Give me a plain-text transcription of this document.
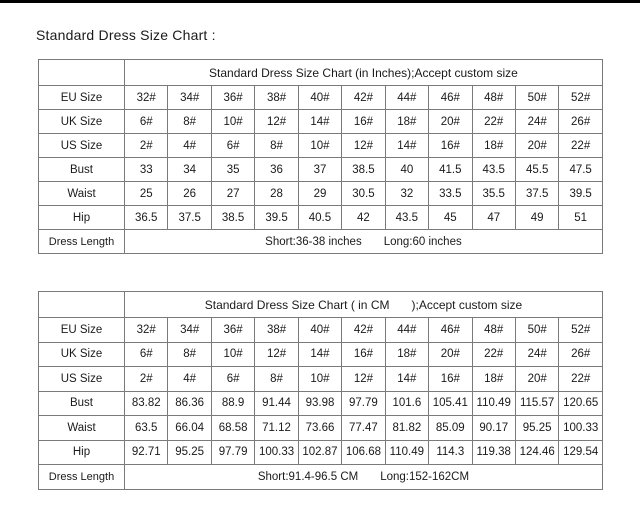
Standard Dress Size Chart :
	Standard Dress Size Chart (in Inches);Accept custom size										
EU Size	32#	34#	36#	38#	40#	42#	44#	46#	48#	50#	52#
UK Size	6#	8#	10#	12#	14#	16#	18#	20#	22#	24#	26#
US Size	2#	4#	6#	8#	10#	12#	14#	16#	18#	20#	22#
Bust	33	34	35	36	37	38.5	40	41.5	43.5	45.5	47.5
Waist	25	26	27	28	29	30.5	32	33.5	35.5	37.5	39.5
Hip	36.5	37.5	38.5	39.5	40.5	42	43.5	45	47	49	51
Dress Length	Short:36-38 inches Long:60 inches										
	Standard Dress Size Chart ( in CM );Accept custom size										
EU Size	32#	34#	36#	38#	40#	42#	44#	46#	48#	50#	52#
UK Size	6#	8#	10#	12#	14#	16#	18#	20#	22#	24#	26#
US Size	2#	4#	6#	8#	10#	12#	14#	16#	18#	20#	22#
Bust	83.82	86.36	88.9	91.44	93.98	97.79	101.6	105.41	110.49	115.57	120.65
Waist	63.5	66.04	68.58	71.12	73.66	77.47	81.82	85.09	90.17	95.25	100.33
Hip	92.71	95.25	97.79	100.33	102.87	106.68	110.49	114.3	119.38	124.46	129.54
Dress Length	Short:91.4-96.5 CM Long:152-162CM										
